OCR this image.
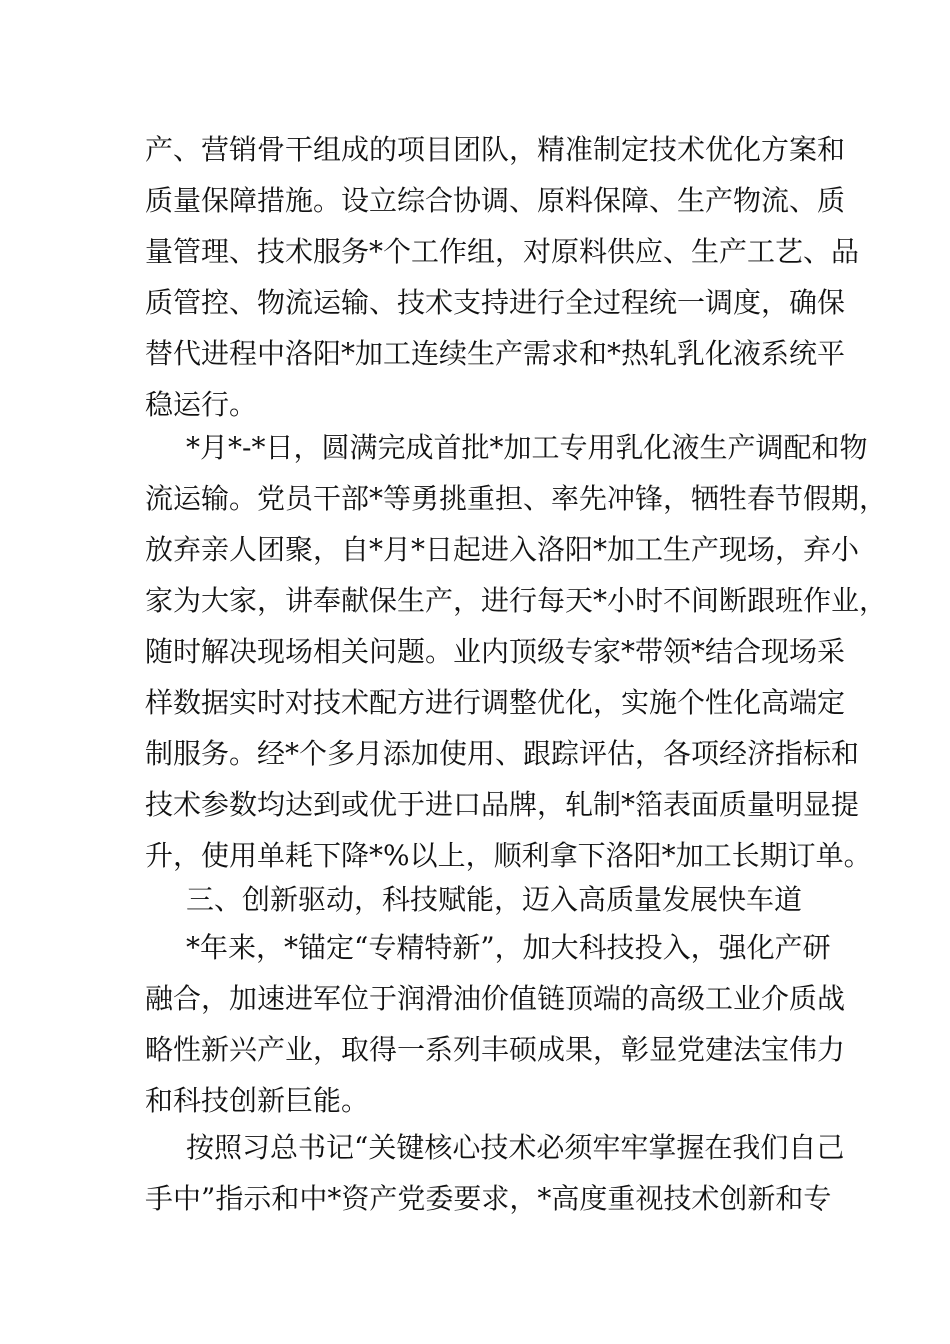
产、营销骨干组成的项目团队，精准制定技术优化方案和
质量保障措施。设立综合协调、原料保障、生产物流、质
量管理、技术服务*个工作组，对原料供应、生产工艺、品
质管控、物流运输、技术支持进行全过程统一调度，确保
替代进程中洛阳*加工连续生产需求和*热轧乳化液系统平
稳运行。
*月*-*日，圆满完成首批*加工专用乳化液生产调配和物
流运输。党员干部*等勇挑重担、率先冲锋，牺牲春节假期，
放弃亲人团聚，自*月*日起进入洛阳*加工生产现场，弃小
家为大家，讲奉献保生产，进行每天*小时不间断跟班作业，
随时解决现场相关问题。业内顶级专家*带领*结合现场采
样数据实时对技术配方进行调整优化，实施个性化高端定
制服务。经*个多月添加使用、跟踪评估，各项经济指标和
技术参数均达到或优于进口品牌，轧制*箔表面质量明显提
升，使用单耗下降*%以上，顺利拿下洛阳*加工长期订单。
三、创新驱动，科技赋能，迈入高质量发展快车道
*年来，*锚定“专精特新”，加大科技投入，强化产研
融合，加速进军位于润滑油价值链顶端的高级工业介质战
略性新兴产业，取得一系列丰硕成果，彰显党建法宝伟力
和科技创新巨能。
按照习总书记“关键核心技术必须牢牢掌握在我们自己
手中”指示和中*资产党委要求，*高度重视技术创新和专
